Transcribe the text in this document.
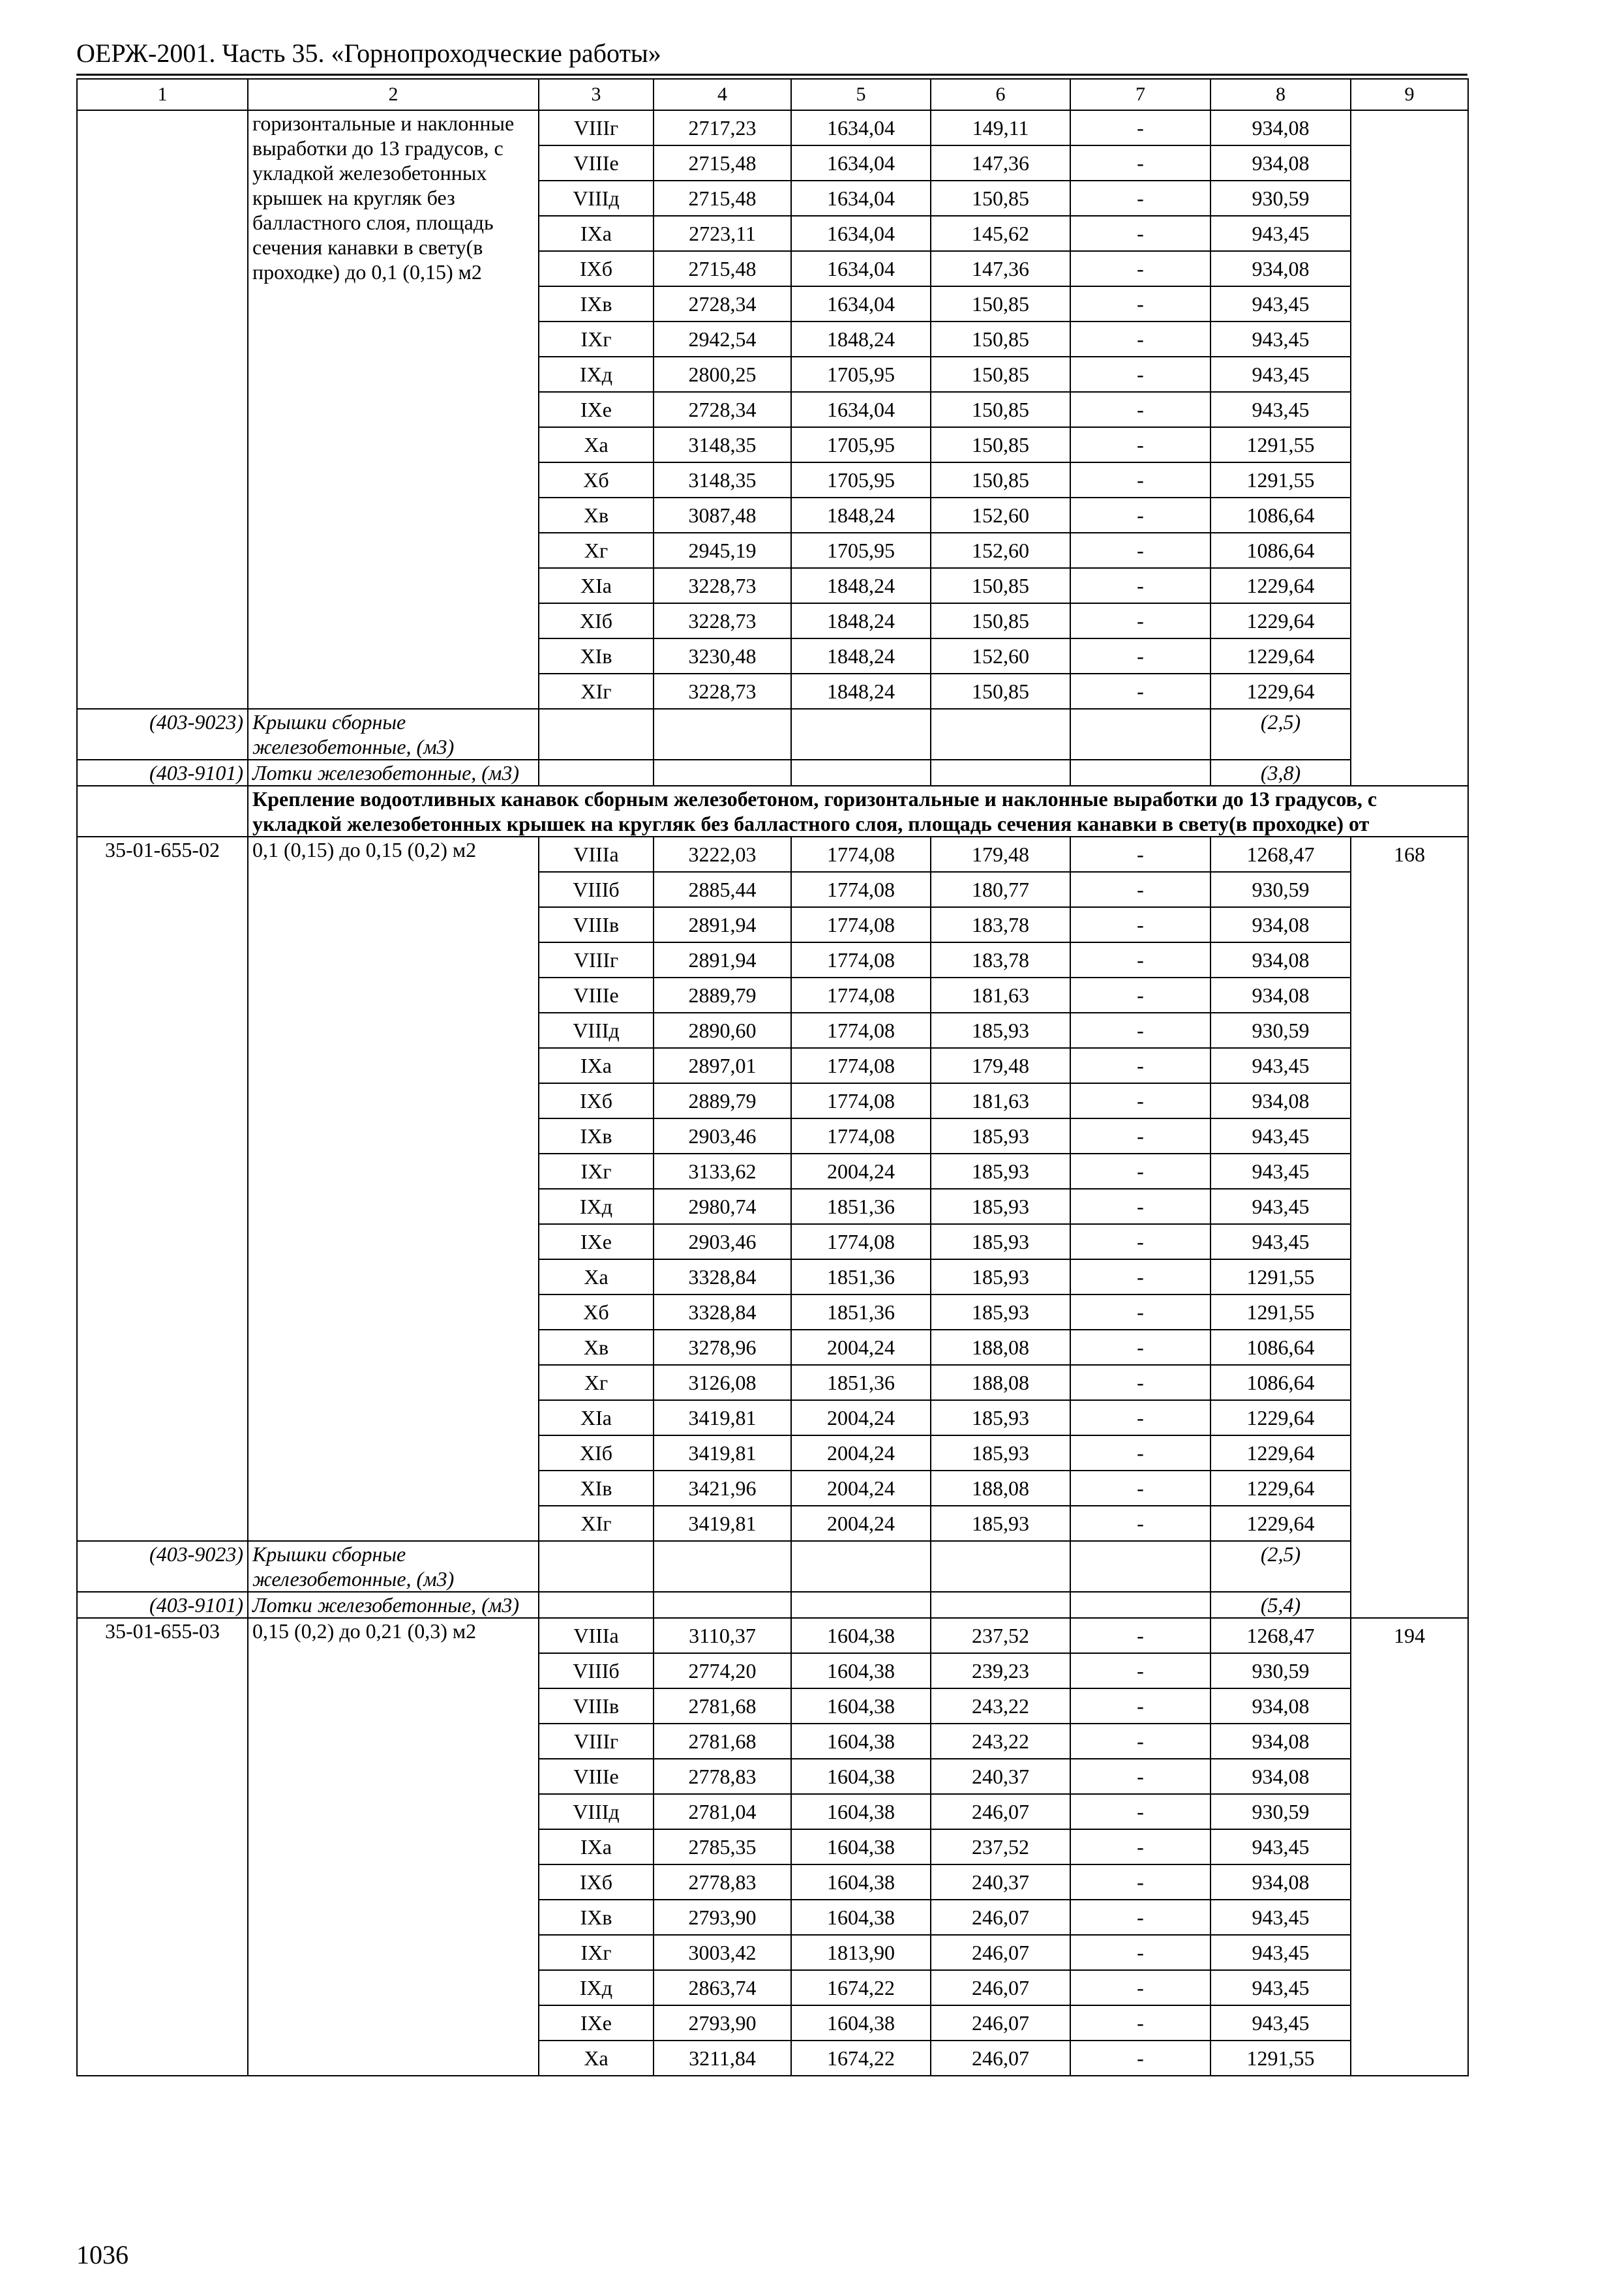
ОЕРЖ-2001. Часть 35. «Горнопроходческие работы»
1	2	3	4	5	6	7	8	9
	горизонтальные и наклонные выработки до 13 градусов, с укладкой железобетонных крышек на кругляк без балластного слоя, площадь сечения канавки в свету(в проходке) до 0,1 (0,15) м2	VIIIг	2717,23	1634,04	149,11	-	934,08	
		VIIIе	2715,48	1634,04	147,36	-	934,08	
		VIIIд	2715,48	1634,04	150,85	-	930,59	
		IXа	2723,11	1634,04	145,62	-	943,45	
		IXб	2715,48	1634,04	147,36	-	934,08	
		IXв	2728,34	1634,04	150,85	-	943,45	
		IXг	2942,54	1848,24	150,85	-	943,45	
		IXд	2800,25	1705,95	150,85	-	943,45	
		IXе	2728,34	1634,04	150,85	-	943,45	
		Xа	3148,35	1705,95	150,85	-	1291,55	
		Xб	3148,35	1705,95	150,85	-	1291,55	
		Xв	3087,48	1848,24	152,60	-	1086,64	
		Xг	2945,19	1705,95	152,60	-	1086,64	
		XIа	3228,73	1848,24	150,85	-	1229,64	
		XIб	3228,73	1848,24	150,85	-	1229,64	
		XIв	3230,48	1848,24	152,60	-	1229,64	
		XIг	3228,73	1848,24	150,85	-	1229,64	
(403-9023)	Крышки сборные железобетонные, (м3)						(2,5)	
(403-9101)	Лотки железобетонные, (м3)						(3,8)	
	Крепление водоотливных канавок сборным железобетоном, горизонтальные и наклонные выработки до 13 градусов, с укладкой железобетонных крышек на кругляк без балластного слоя, площадь сечения канавки в свету(в проходке) от							
35-01-655-02	0,1 (0,15) до 0,15 (0,2) м2	VIIIа	3222,03	1774,08	179,48	-	1268,47	168
		VIIIб	2885,44	1774,08	180,77	-	930,59	
		VIIIв	2891,94	1774,08	183,78	-	934,08	
		VIIIг	2891,94	1774,08	183,78	-	934,08	
		VIIIе	2889,79	1774,08	181,63	-	934,08	
		VIIIд	2890,60	1774,08	185,93	-	930,59	
		IXа	2897,01	1774,08	179,48	-	943,45	
		IXб	2889,79	1774,08	181,63	-	934,08	
		IXв	2903,46	1774,08	185,93	-	943,45	
		IXг	3133,62	2004,24	185,93	-	943,45	
		IXд	2980,74	1851,36	185,93	-	943,45	
		IXе	2903,46	1774,08	185,93	-	943,45	
		Xа	3328,84	1851,36	185,93	-	1291,55	
		Xб	3328,84	1851,36	185,93	-	1291,55	
		Xв	3278,96	2004,24	188,08	-	1086,64	
		Xг	3126,08	1851,36	188,08	-	1086,64	
		XIа	3419,81	2004,24	185,93	-	1229,64	
		XIб	3419,81	2004,24	185,93	-	1229,64	
		XIв	3421,96	2004,24	188,08	-	1229,64	
		XIг	3419,81	2004,24	185,93	-	1229,64	
(403-9023)	Крышки сборные железобетонные, (м3)						(2,5)	
(403-9101)	Лотки железобетонные, (м3)						(5,4)	
35-01-655-03	0,15 (0,2) до 0,21 (0,3) м2	VIIIа	3110,37	1604,38	237,52	-	1268,47	194
		VIIIб	2774,20	1604,38	239,23	-	930,59	
		VIIIв	2781,68	1604,38	243,22	-	934,08	
		VIIIг	2781,68	1604,38	243,22	-	934,08	
		VIIIе	2778,83	1604,38	240,37	-	934,08	
		VIIIд	2781,04	1604,38	246,07	-	930,59	
		IXа	2785,35	1604,38	237,52	-	943,45	
		IXб	2778,83	1604,38	240,37	-	934,08	
		IXв	2793,90	1604,38	246,07	-	943,45	
		IXг	3003,42	1813,90	246,07	-	943,45	
		IXд	2863,74	1674,22	246,07	-	943,45	
		IXе	2793,90	1604,38	246,07	-	943,45	
		Xа	3211,84	1674,22	246,07	-	1291,55	
1036
